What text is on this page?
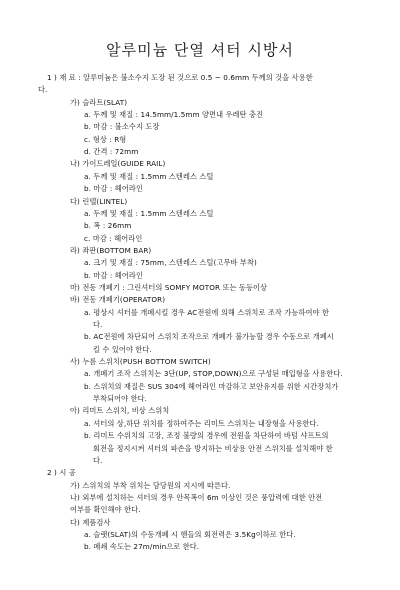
알루미늄 단열 셔터 시방서
1 ) 재 료 : 알루미늄은 불소수지 도장 된 것으로 0.5 ~ 0.6mm 두께의 것을 사용한
다.
가) 슬라트(SLAT)
a. 두께 및 재질 : 14.5mm/1.5mm 양면내 우레탄 충진
b. 마감 : 불소수지 도장
c. 형상 : R형
d. 간격 : 72mm
나) 가이드레일(GUIDE RAIL)
a. 두께 및 재질 : 1.5mm 스텐레스 스틸
b. 마감 : 헤어라인
다) 린텔(LINTEL)
a. 두께 및 재질 : 1.5mm 스텐레스 스틸
b. 폭 : 26mm
c. 마감 : 헤어라인
라) 좌판(BOTTOM BAR)
a. 크기 및 재질 : 75mm, 스텐레스 스틸(고무바 부착)
b. 마감 : 헤어라인
마) 전동 개폐기 : 그린셔터의 SOMFY MOTOR 또는 동등이상
바) 전동 개폐기(OPERATOR)
a. 평상시 셔터를 개폐시킬 경우 AC전원에 의해 스위치로 조작 가능하여야 한
다.
b. AC전원에 차단되어 스위치 조작으로 개폐가 불가능할 경우 수동으로 개폐시
킬 수 있어야 한다.
사) 누름 스위치(PUSH BOTTOM SWITCH)
a. 개폐기 조작 스위치는 3단(UP, STOP,DOWN)으로 구성된 매입형을 사용한다.
b. 스위치의 재질은 SUS 304에 헤어라인 마감하고 보안유지를 위한 시간장치가
부착되어야 한다.
아) 리미트 스위치, 비상 스위치
a. 셔터의 상,하단 위치를 정하여주는 리미트 스위치는 내장형을 사용한다.
b. 리미트 수위치의 고장, 조정 불량의 경우에 전원을 차단하여 바텀 샤프트의
회전을 정지시켜 셔터의 파손을 방지하는 비상용 안전 스위치를 설치해야 한
다.
2 ) 시 공
가) 스위치의 부착 위치는 담당원의 지시에 따른다.
나) 외부에 설치하는 셔터의 경우 안목폭이 6m 이상인 것은 풍압력에 대한 안전
여부를 확인해야 한다.
다) 제품검사
a. 슬랫(SLAT)의 수동개폐 시 핸들의 회전력은 3.5Kg이하로 한다.
b. 폐쇄 속도는 27m/min으로 한다.
